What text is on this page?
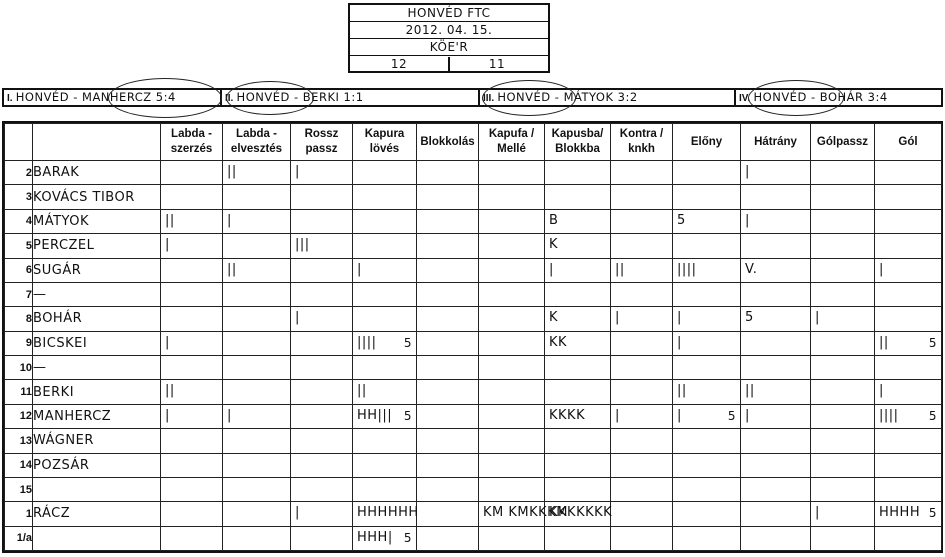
HONVÉD FTC
2012. 04. 15.
KÖE'R
12	11
I. HONVÉD - MANHERCZ 5:4	II. HONVÉD - BERKI 1:1	III. HONVÉD - MÁTYOK 3:2	IV. HONVÉD - BOHÁR 3:4
		Labda - szerzés	Labda - elvesztés	Rossz passz	Kapura lövés	Blokkolás	Kapufa / Mellé	Kapusba/ Blokkba	Kontra / knkh	Előny	Hátrány	Gólpassz	Gól
2	BARAK		||	|							|		

3	KOVÁCS TIBOR	

4	MÁTYOK	||	|					B		5	|		

5	PERCZEL	|		|||				K					

6	SUGÁR		||		|			|	||	||||	V.		|

7	—	

8	BOHÁR			|				K	|	|	5	|	

9	BICSKEI	|			|||| 5			KK		|			|| 5

10	—	

11	BERKI	||			||					||	||		|

12	MANHERCZ	|	|		HH||| 5			KKKK	|	| 5	|		|||| 5

13	WÁGNER	

14	POZSÁR	

15		

1	RÁCZ			|	HHHHHH		KM KMKKKM	KKKKKKK				|	HHHH 5

1/a					HHH| 5								
